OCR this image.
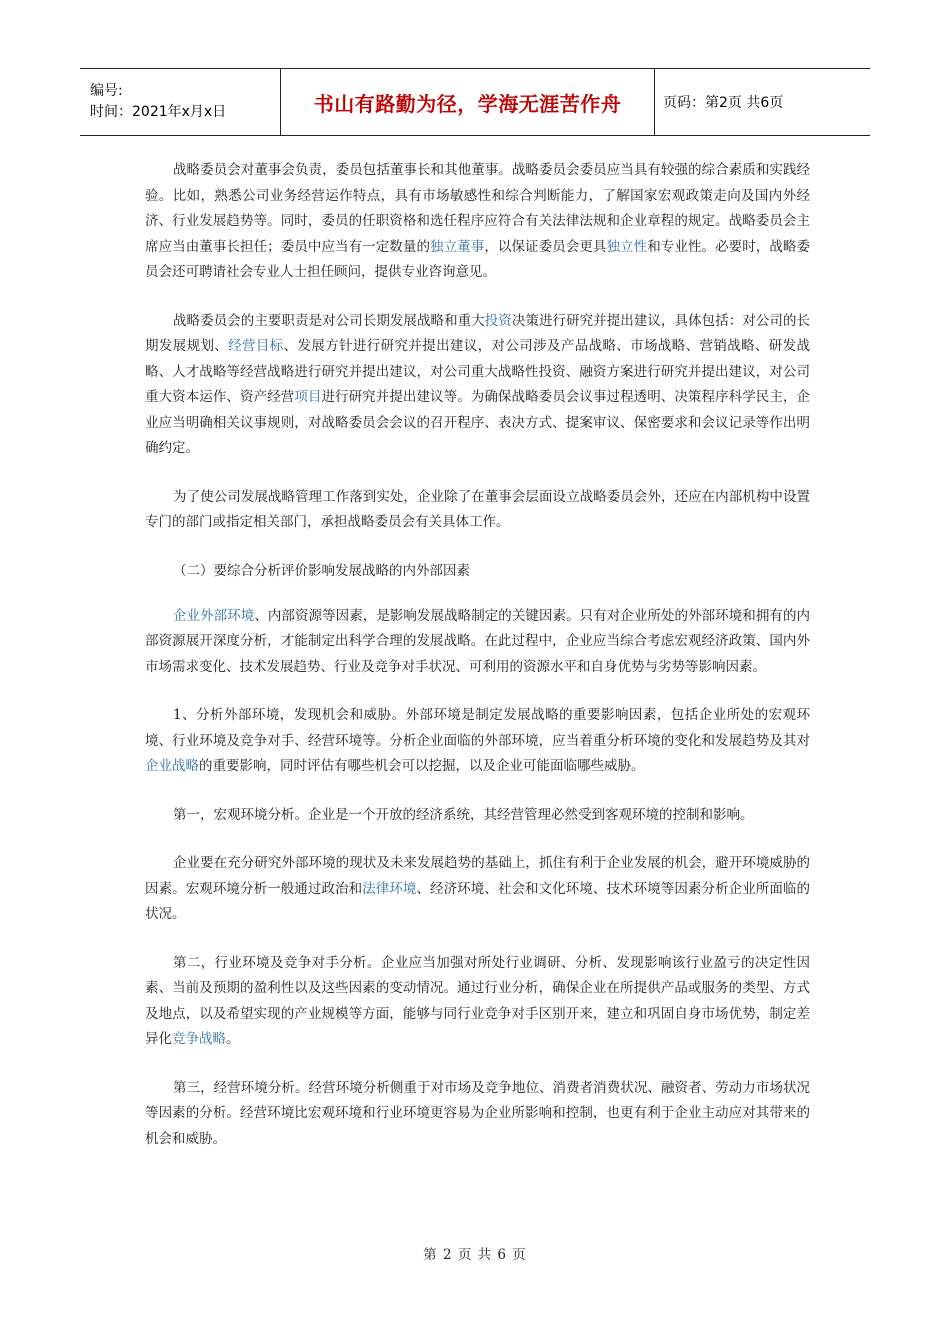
编号:
时间：2021年x月x日	书山有路勤为径，学海无涯苦作舟	页码：第2页 共6页

战略委员会对董事会负责，委员包括董事长和其他董事。战略委员会委员应当具有较强的综合素质和实践经验。比如，熟悉公司业务经营运作特点，具有市场敏感性和综合判断能力，了解国家宏观政策走向及国内外经济、行业发展趋势等。同时，委员的任职资格和选任程序应符合有关法律法规和企业章程的规定。战略委员会主席应当由董事长担任；委员中应当有一定数量的独立董事，以保证委员会更具独立性和专业性。必要时，战略委员会还可聘请社会专业人士担任顾问，提供专业咨询意见。

战略委员会的主要职责是对公司长期发展战略和重大投资决策进行研究并提出建议，具体包括：对公司的长期发展规划、经营目标、发展方针进行研究并提出建议，对公司涉及产品战略、市场战略、营销战略、研发战略、人才战略等经营战略进行研究并提出建议，对公司重大战略性投资、融资方案进行研究并提出建议，对公司重大资本运作、资产经营项目进行研究并提出建议等。为确保战略委员会议事过程透明、决策程序科学民主，企业应当明确相关议事规则，对战略委员会会议的召开程序、表决方式、提案审议、保密要求和会议记录等作出明确约定。

为了使公司发展战略管理工作落到实处，企业除了在董事会层面设立战略委员会外，还应在内部机构中设置专门的部门或指定相关部门，承担战略委员会有关具体工作。

（二）要综合分析评价影响发展战略的内外部因素

企业外部环境、内部资源等因素，是影响发展战略制定的关键因素。只有对企业所处的外部环境和拥有的内部资源展开深度分析，才能制定出科学合理的发展战略。在此过程中，企业应当综合考虑宏观经济政策、国内外市场需求变化、技术发展趋势、行业及竞争对手状况、可利用的资源水平和自身优势与劣势等影响因素。

1、分析外部环境，发现机会和威胁。外部环境是制定发展战略的重要影响因素，包括企业所处的宏观环境、行业环境及竞争对手、经营环境等。分析企业面临的外部环境，应当着重分析环境的变化和发展趋势及其对企业战略的重要影响，同时评估有哪些机会可以挖掘，以及企业可能面临哪些威胁。

第一，宏观环境分析。企业是一个开放的经济系统，其经营管理必然受到客观环境的控制和影响。

企业要在充分研究外部环境的现状及未来发展趋势的基础上，抓住有利于企业发展的机会，避开环境威胁的因素。宏观环境分析一般通过政治和法律环境、经济环境、社会和文化环境、技术环境等因素分析企业所面临的状况。

第二，行业环境及竞争对手分析。企业应当加强对所处行业调研、分析、发现影响该行业盈亏的决定性因素、当前及预期的盈利性以及这些因素的变动情况。通过行业分析，确保企业在所提供产品或服务的类型、方式及地点，以及希望实现的产业规模等方面，能够与同行业竞争对手区别开来，建立和巩固自身市场优势，制定差异化竞争战略。

第三，经营环境分析。经营环境分析侧重于对市场及竞争地位、消费者消费状况、融资者、劳动力市场状况等因素的分析。经营环境比宏观环境和行业环境更容易为企业所影响和控制，也更有利于企业主动应对其带来的机会和威胁。

第 2 页 共 6 页
